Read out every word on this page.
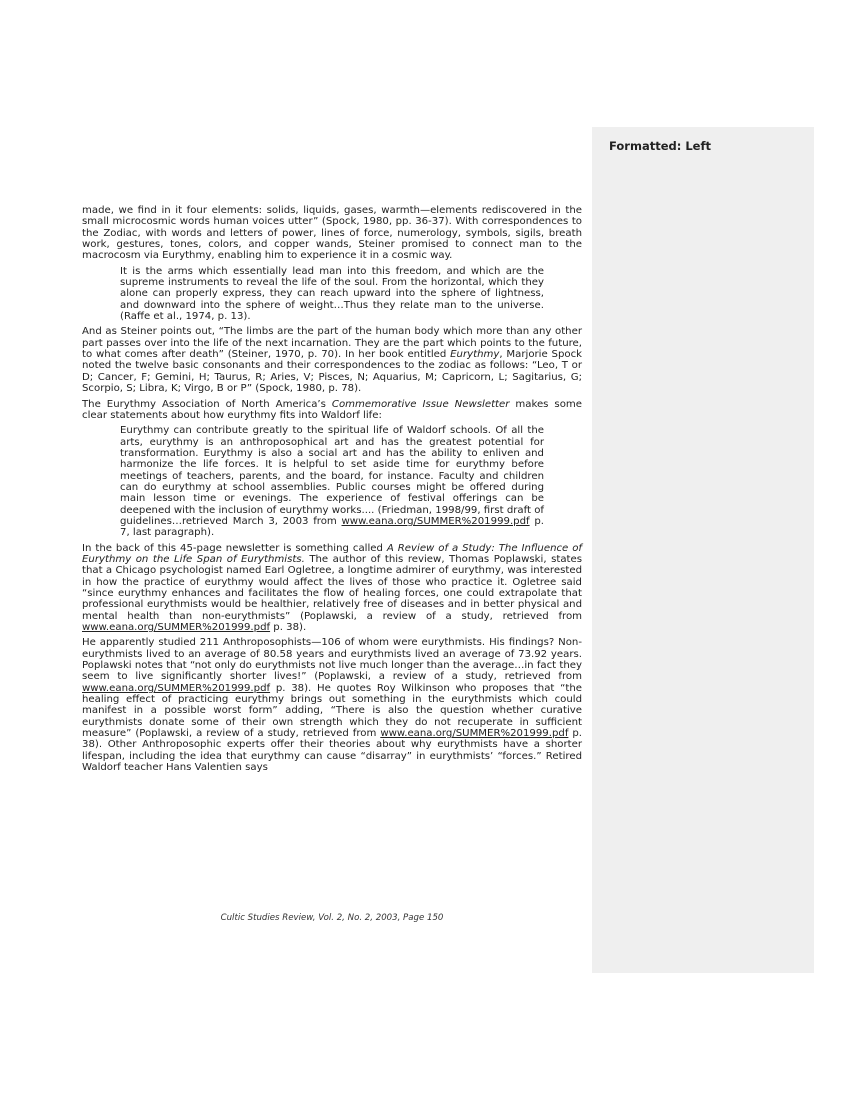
Formatted: Left

made, we find in it four elements: solids, liquids, gases, warmth—elements rediscovered in the small microcosmic words human voices utter” (Spock, 1980, pp. 36-37). With correspondences to the Zodiac, with words and letters of power, lines of force, numerology, symbols, sigils, breath work, gestures, tones, colors, and copper wands, Steiner promised to connect man to the macrocosm via Eurythmy, enabling him to experience it in a cosmic way.

It is the arms which essentially lead man into this freedom, and which are the supreme instruments to reveal the life of the soul. From the horizontal, which they alone can properly express, they can reach upward into the sphere of lightness, and downward into the sphere of weight…Thus they relate man to the universe. (Raffe et al., 1974, p. 13).

And as Steiner points out, “The limbs are the part of the human body which more than any other part passes over into the life of the next incarnation. They are the part which points to the future, to what comes after death” (Steiner, 1970, p. 70). In her book entitled Eurythmy, Marjorie Spock noted the twelve basic consonants and their correspondences to the zodiac as follows: “Leo, T or D; Cancer, F; Gemini, H; Taurus, R; Aries, V; Pisces, N; Aquarius, M; Capricorn, L; Sagitarius, G; Scorpio, S; Libra, K; Virgo, B or P” (Spock, 1980, p. 78).

The Eurythmy Association of North America’s Commemorative Issue Newsletter makes some clear statements about how eurythmy fits into Waldorf life:

Eurythmy can contribute greatly to the spiritual life of Waldorf schools. Of all the arts, eurythmy is an anthroposophical art and has the greatest potential for transformation. Eurythmy is also a social art and has the ability to enliven and harmonize the life forces. It is helpful to set aside time for eurythmy before meetings of teachers, parents, and the board, for instance. Faculty and children can do eurythmy at school assemblies. Public courses might be offered during main lesson time or evenings. The experience of festival offerings can be deepened with the inclusion of eurythmy works.... (Friedman, 1998/99, first draft of guidelines…retrieved March 3, 2003 from www.eana.org/SUMMER%201999.pdf p. 7, last paragraph).

In the back of this 45-page newsletter is something called A Review of a Study: The Influence of Eurythmy on the Life Span of Eurythmists. The author of this review, Thomas Poplawski, states that a Chicago psychologist named Earl Ogletree, a longtime admirer of eurythmy, was interested in how the practice of eurythmy would affect the lives of those who practice it. Ogletree said “since eurythmy enhances and facilitates the flow of healing forces, one could extrapolate that professional eurythmists would be healthier, relatively free of diseases and in better physical and mental health than non-eurythmists” (Poplawski, a review of a study, retrieved from www.eana.org/SUMMER%201999.pdf p. 38).

He apparently studied 211 Anthroposophists—106 of whom were eurythmists. His findings? Non-eurythmists lived to an average of 80.58 years and eurythmists lived an average of 73.92 years. Poplawski notes that “not only do eurythmists not live much longer than the average…in fact they seem to live significantly shorter lives!” (Poplawski, a review of a study, retrieved from www.eana.org/SUMMER%201999.pdf p. 38). He quotes Roy Wilkinson who proposes that “the healing effect of practicing eurythmy brings out something in the eurythmists which could manifest in a possible worst form” adding, “There is also the question whether curative eurythmists donate some of their own strength which they do not recuperate in sufficient measure” (Poplawski, a review of a study, retrieved from www.eana.org/SUMMER%201999.pdf p. 38). Other Anthroposophic experts offer their theories about why eurythmists have a shorter lifespan, including the idea that eurythmy can cause “disarray” in eurythmists’ “forces.” Retired Waldorf teacher Hans Valentien says

Cultic Studies Review, Vol. 2, No. 2, 2003, Page 150
